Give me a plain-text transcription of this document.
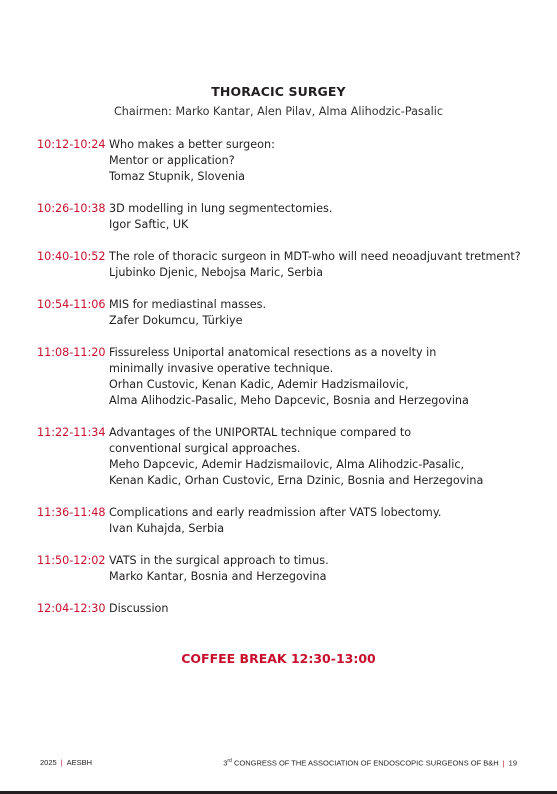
THORACIC SURGEY
Chairmen: Marko Kantar, Alen Pilav, Alma Alihodzic-Pasalic
10:12-10:24 Who makes a better surgeon:
Mentor or application?
Tomaz Stupnik, Slovenia
10:26-10:38 3D modelling in lung segmentectomies.
Igor Saftic, UK
10:40-10:52 The role of thoracic surgeon in MDT-who will need neoadjuvant tretment?
Ljubinko Djenic, Nebojsa Maric, Serbia
10:54-11:06 MIS for mediastinal masses.
Zafer Dokumcu, Türkiye
11:08-11:20 Fissureless Uniportal anatomical resections as a novelty in
minimally invasive operative technique.
Orhan Custovic, Kenan Kadic, Ademir Hadzismailovic,
Alma Alihodzic-Pasalic, Meho Dapcevic, Bosnia and Herzegovina
11:22-11:34 Advantages of the UNIPORTAL technique compared to
conventional surgical approaches.
Meho Dapcevic, Ademir Hadzismailovic, Alma Alihodzic-Pasalic,
Kenan Kadic, Orhan Custovic, Erna Dzinic, Bosnia and Herzegovina
11:36-11:48 Complications and early readmission after VATS lobectomy.
Ivan Kuhajda, Serbia
11:50-12:02 VATS in the surgical approach to timus.
Marko Kantar, Bosnia and Herzegovina
12:04-12:30 Discussion
COFFEE BREAK 12:30-13:00
2025 | AESBH	3rd CONGRESS OF THE ASSOCIATION OF ENDOSCOPIC SURGEONS OF B&H | 19
